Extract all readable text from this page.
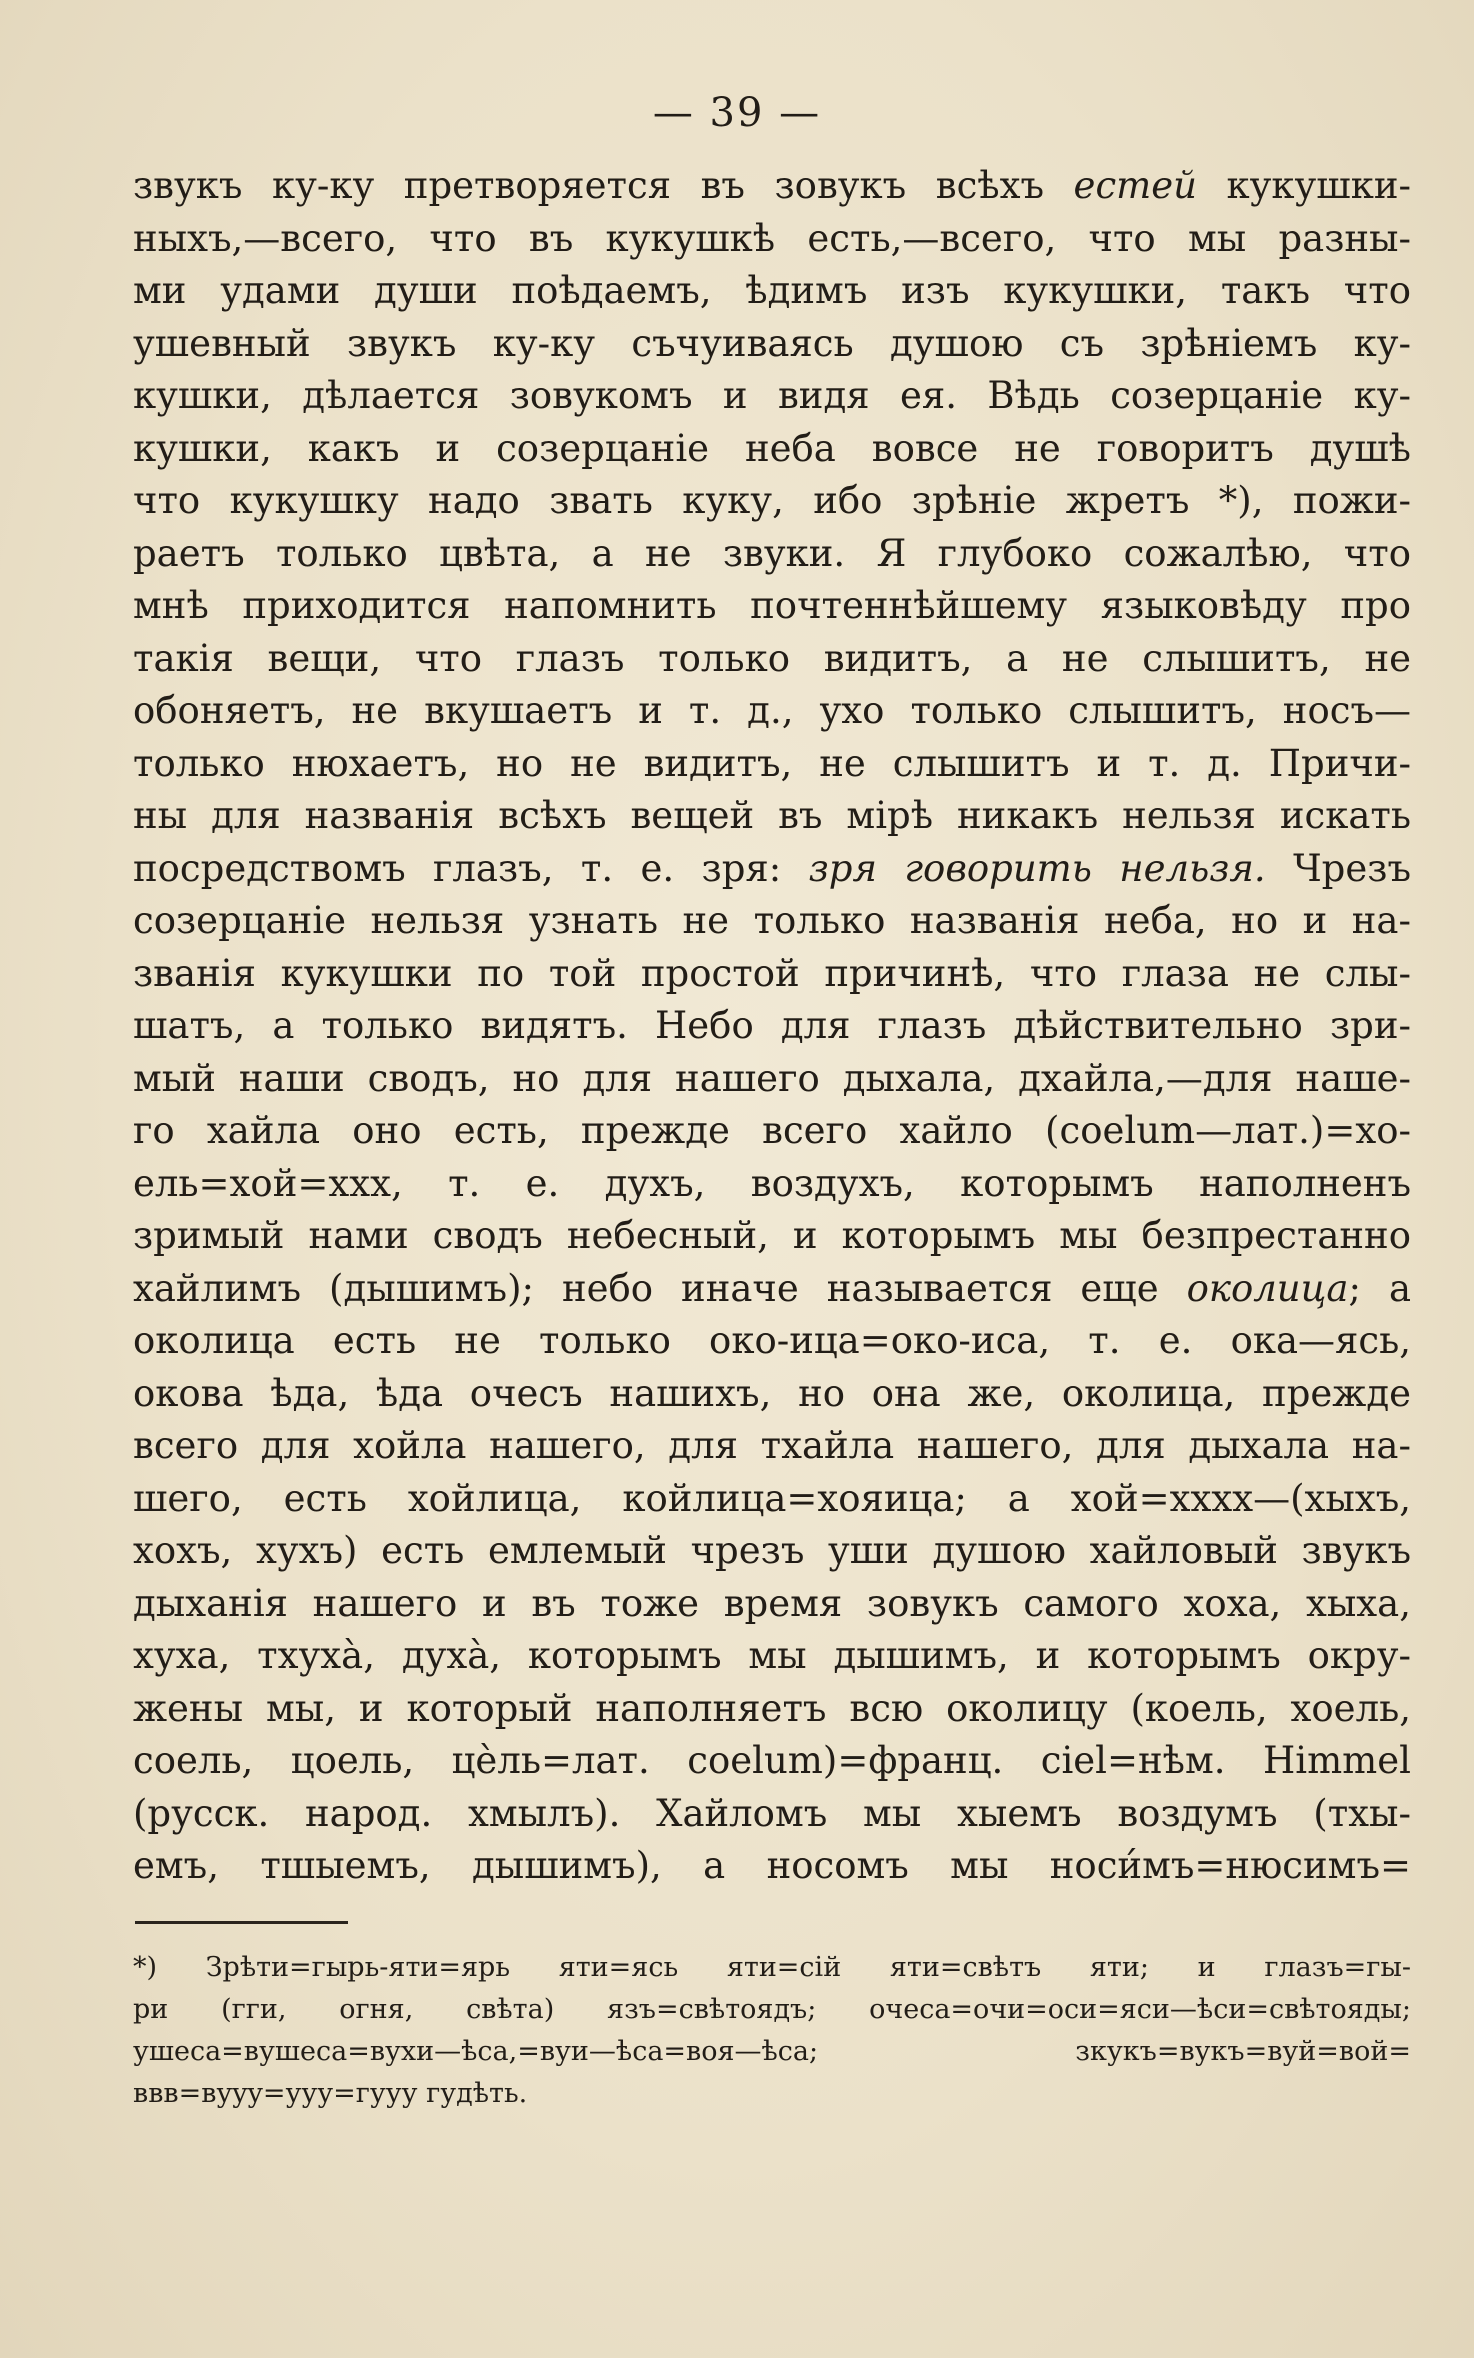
— 39 —
звукъ ку-ку претворяется въ зовукъ всѣхъ естей кукушки-
ныхъ,—всего, что въ кукушкѣ есть,—всего, что мы разны-
ми удами души поѣдаемъ, ѣдимъ изъ кукушки, такъ что
ушевный звукъ ку-ку съчуиваясь душою съ зрѣніемъ ку-
кушки, дѣлается зовукомъ и видя ея. Вѣдь созерцаніе ку-
кушки, какъ и созерцаніе неба вовсе не говоритъ душѣ
что кукушку надо звать куку, ибо зрѣніе жретъ *), пожи-
раетъ только цвѣта, а не звуки. Я глубоко сожалѣю, что
мнѣ приходится напомнить почтеннѣйшему языковѣду про
такія вещи, что глазъ только видитъ, а не слышитъ, не
обоняетъ, не вкушаетъ и т. д., ухо только слышитъ, носъ—
только нюхаетъ, но не видитъ, не слышитъ и т. д. Причи-
ны для названія всѣхъ вещей въ мірѣ никакъ нельзя искать
посредствомъ глазъ, т. е. зря: зря говорить нельзя. Чрезъ
созерцаніе нельзя узнать не только названія неба, но и на-
званія кукушки по той простой причинѣ, что глаза не слы-
шатъ, а только видятъ. Небо для глазъ дѣйствительно зри-
мый наши сводъ, но для нашего дыхала, дхайла,—для наше-
го хайла оно есть, прежде всего хайло (coelum—лат.)=хо-
ель=хой=ххх, т. е. духъ, воздухъ, которымъ наполненъ
зримый нами сводъ небесный, и которымъ мы безпрестанно
хайлимъ (дышимъ); небо иначе называется еще околица; а
околица есть не только око-ица=око-иса, т. е. ока—ясь,
окова ѣда, ѣда очесъ нашихъ, но она же, околица, прежде
всего для хойла нашего, для тхайла нашего, для дыхала на-
шего, есть хойлица, койлица=хояица; а хой=хххх—(хыхъ,
хохъ, хухъ) есть емлемый чрезъ уши душою хайловый звукъ
дыханія нашего и въ тоже время зовукъ самого хоха, хыха,
хуха, тхухà, духà, которымъ мы дышимъ, и которымъ окру-
жены мы, и который наполняетъ всю околицу (коель, хоель,
соель, цоель, цѐль=лат. coelum)=франц. ciel=нѣм. Himmel
(русск. народ. хмылъ). Хайломъ мы хыемъ воздумъ (тхы-
емъ, тшыемъ, дышимъ), а носомъ мы носи́мъ=нюсимъ=
*) Зрѣти=гырь-яти=ярь яти=ясь яти=сій яти=свѣтъ яти; и глазъ=гы-
ри (гги, огня, свѣта) язъ=свѣтоядъ; очеса=очи=оси=яси—ѣси=свѣтояды;
ушеса=вушеса=вухи—ѣса,=вуи—ѣса=воя—ѣса; зкукъ=вукъ=вуй=вой=
ввв=вуyy=ууу=гууу гудѣть.
